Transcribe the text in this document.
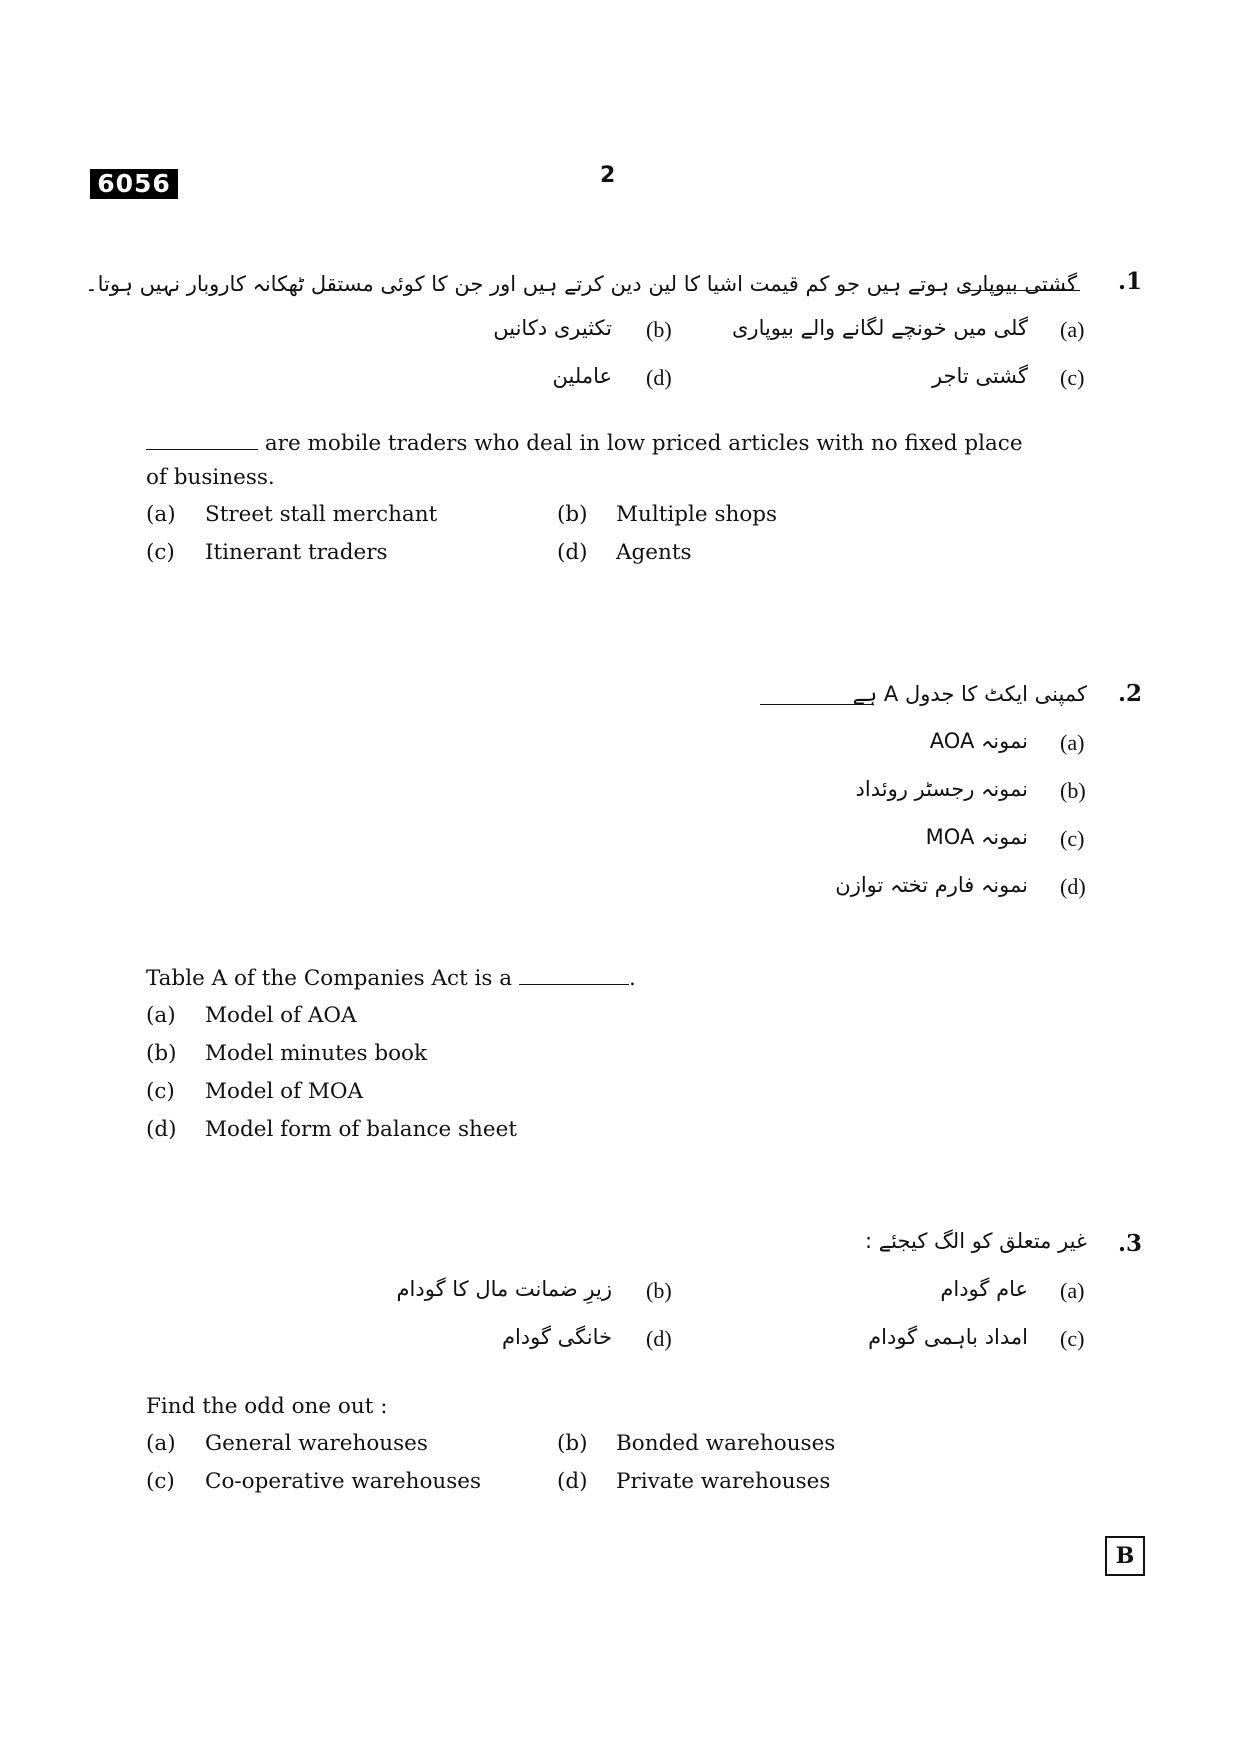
6056	2
.1
گشتی بیوپاری ہوتے ہیں جو کم قیمت اشیا کا لین دین کرتے ہیں اور جن کا کوئی مستقل ٹھکانہ کاروبار نہیں ہوتا۔
(a)
گلی میں خونچے لگانے والے بیوپاری
(b)
تکثیری دکانیں
(c)
گشتی تاجر
(d)
عاملین
are mobile traders who deal in low priced articles with no fixed place
of business.
(a) Street stall merchant	(b) Multiple shops
(c) Itinerant traders	(d) Agents
.2
کمپنی ایکٹ کا جدول A ہے
(a)
نمونہ AOA
(b)
نمونہ رجسٹر روئداد
(c)
نمونہ MOA
(d)
نمونہ فارم تختہ توازن
Table A of the Companies Act is a	.
(a) Model of AOA
(b) Model minutes book
(c) Model of MOA
(d) Model form of balance sheet
.3
غیر متعلق کو الگ کیجئے :
(a)
عام گودام
(b)
زیرِ ضمانت مال کا گودام
(c)
امداد باہمی گودام
(d)
خانگی گودام
Find the odd one out :
(a) General warehouses	(b) Bonded warehouses
(c) Co-operative warehouses	(d) Private warehouses
B
